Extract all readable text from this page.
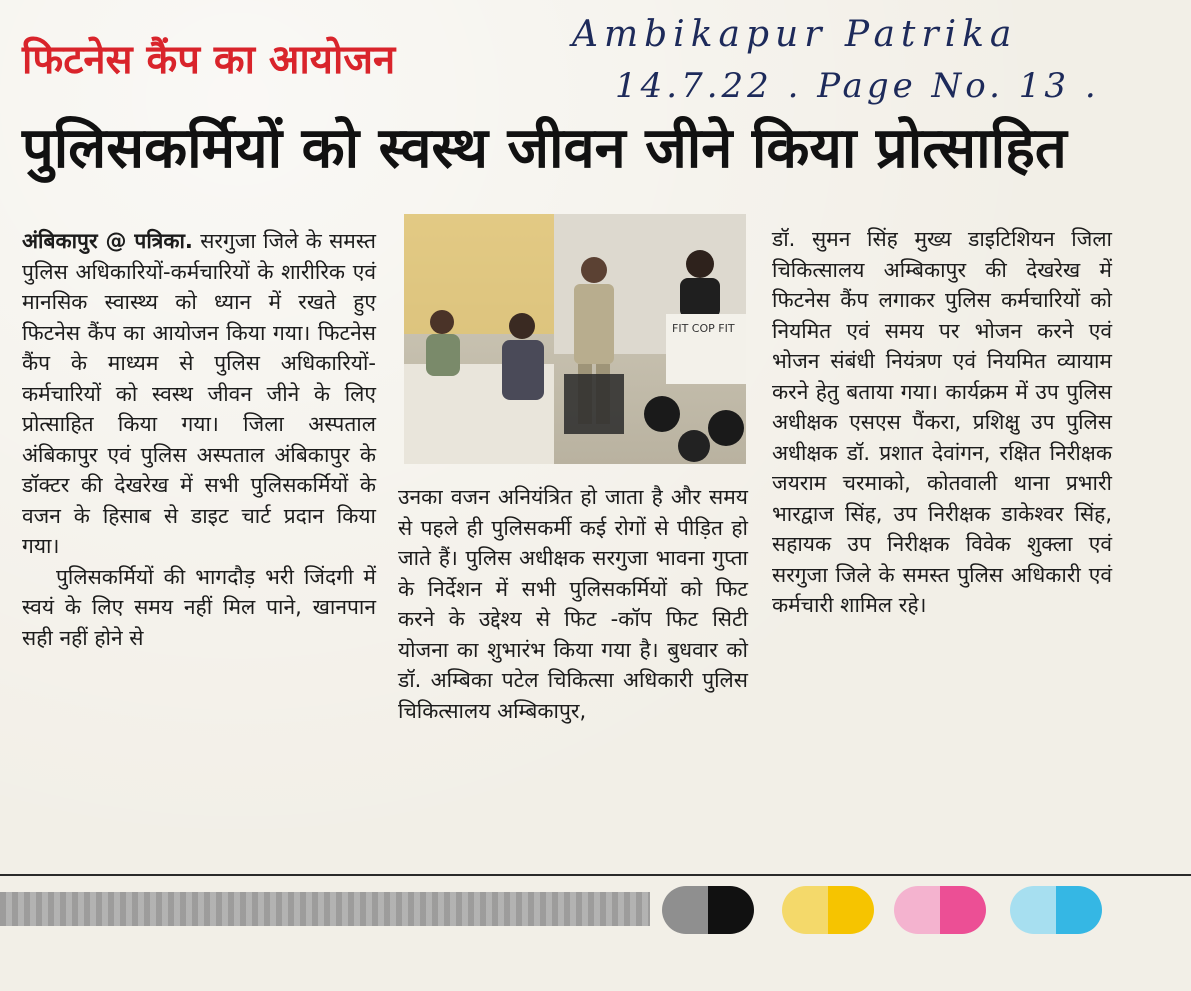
फिटनेस कैंप का आयोजन
Ambikapur Patrika
14.7.22 . Page No. 13 .
पुलिसकर्मियों को स्वस्थ जीवन जीने किया प्रोत्साहित

अंबिकापुर @ पत्रिका. सरगुजा जिले के समस्त पुलिस अधिकारियों-कर्मचारियों के शारीरिक एवं मानसिक स्वास्थ्य को ध्यान में रखते हुए फिटनेस कैंप का आयोजन किया गया। फिटनेस कैंप के माध्यम से पुलिस अधिकारियों-कर्मचारियों को स्वस्थ जीवन जीने के लिए प्रोत्साहित किया गया। जिला अस्पताल अंबिकापुर एवं पुलिस अस्पताल अंबिकापुर के डॉक्टर की देखरेख में सभी पुलिसकर्मियों के वजन के हिसाब से डाइट चार्ट प्रदान किया गया।

पुलिसकर्मियों की भागदौड़ भरी जिंदगी में स्वयं के लिए समय नहीं मिल पाने, खानपान सही नहीं होने से

FIT COP FIT

उनका वजन अनियंत्रित हो जाता है और समय से पहले ही पुलिसकर्मी कई रोगों से पीड़ित हो जाते हैं। पुलिस अधीक्षक सरगुजा भावना गुप्ता के निर्देशन में सभी पुलिसकर्मियों को फिट करने के उद्देश्य से फिट -कॉप फिट सिटी योजना का शुभारंभ किया गया है। बुधवार को डॉ. अम्बिका पटेल चिकित्सा अधिकारी पुलिस चिकित्सालय अम्बिकापुर,

डॉ. सुमन सिंह मुख्य डाइटिशियन जिला चिकित्सालय अम्बिकापुर की देखरेख में फिटनेस कैंप लगाकर पुलिस कर्मचारियों को नियमित एवं समय पर भोजन करने एवं भोजन संबंधी नियंत्रण एवं नियमित व्यायाम करने हेतु बताया गया। कार्यक्रम में उप पुलिस अधीक्षक एसएस पैंकरा, प्रशिक्षु उप पुलिस अधीक्षक डॉ. प्रशात देवांगन, रक्षित निरीक्षक जयराम चरमाको, कोतवाली थाना प्रभारी भारद्वाज सिंह, उप निरीक्षक डाकेश्वर सिंह, सहायक उप निरीक्षक विवेक शुक्ला एवं सरगुजा जिले के समस्त पुलिस अधिकारी एवं कर्मचारी शामिल रहे।
